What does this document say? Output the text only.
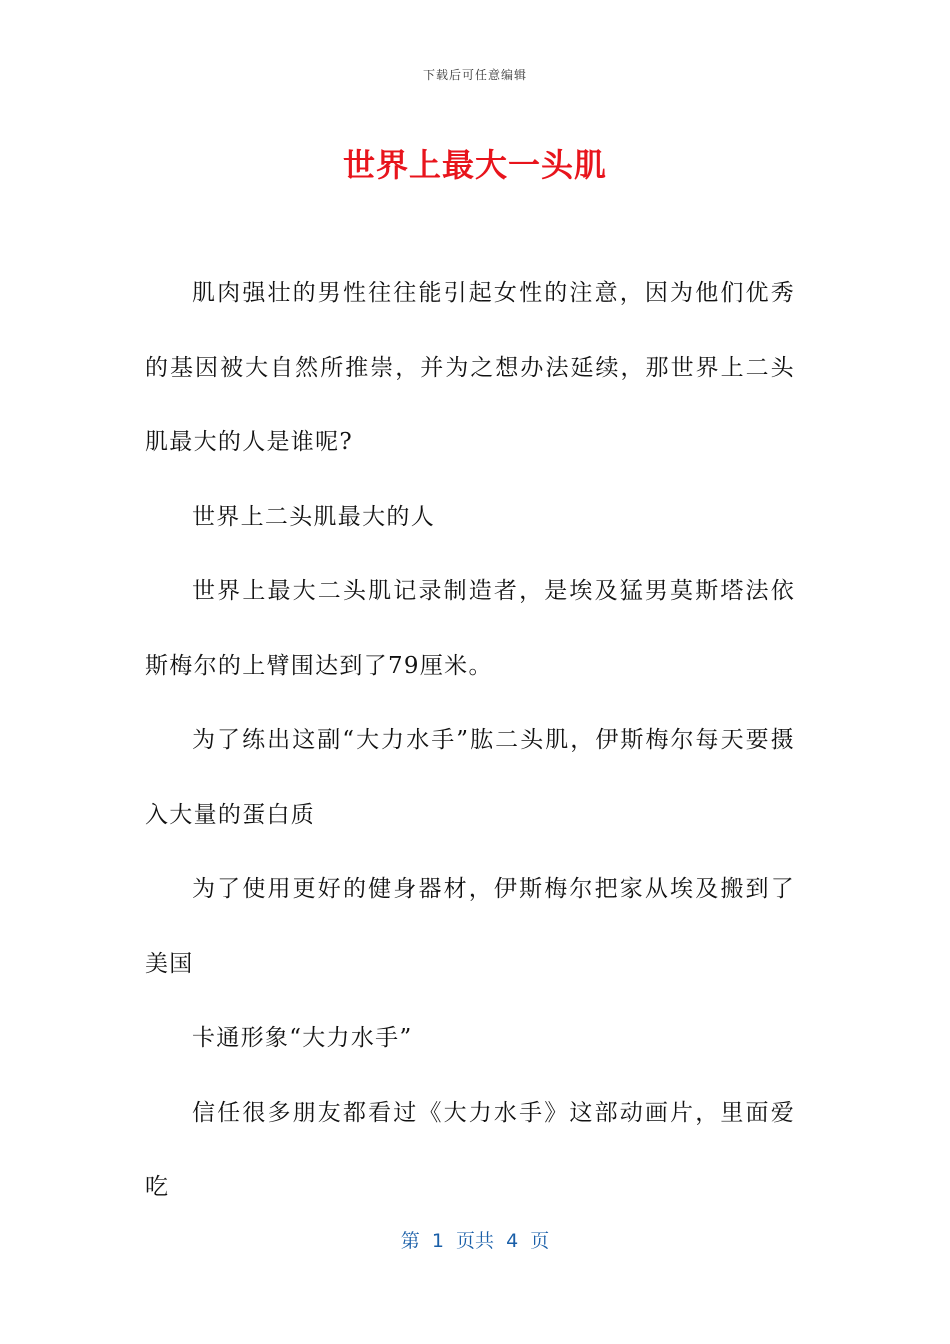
下载后可任意编辑
世界上最大一头肌

肌肉强壮的男性往往能引起女性的注意，因为他们优秀的基因被大自然所推崇，并为之想办法延续，那世界上二头肌最大的人是谁呢?

世界上二头肌最大的人

世界上最大二头肌记录制造者，是埃及猛男莫斯塔法依斯梅尔的上臂围达到了79厘米。

为了练出这副“大力水手”肱二头肌，伊斯梅尔每天要摄入大量的蛋白质

为了使用更好的健身器材，伊斯梅尔把家从埃及搬到了美国

卡通形象“大力水手”

信任很多朋友都看过《大力水手》这部动画片，里面爱吃

第  1  页共  4  页
